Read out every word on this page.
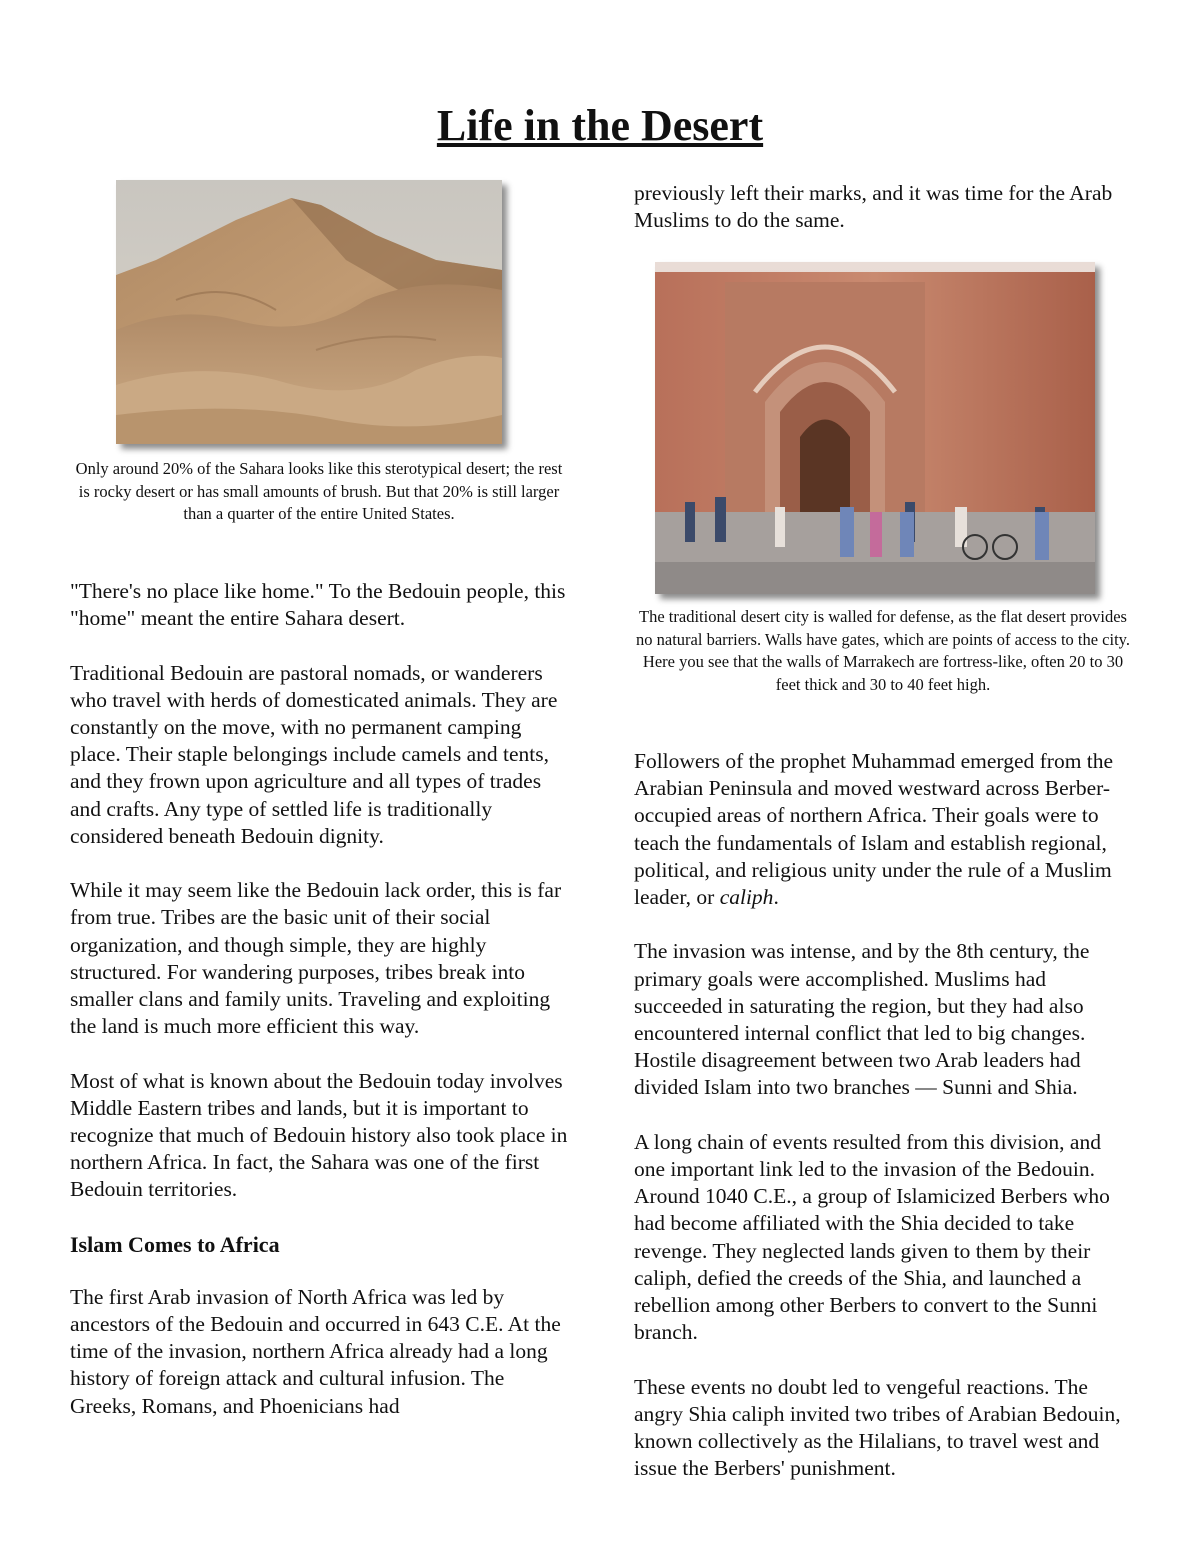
Life in the Desert

Only around 20% of the Sahara looks like this sterotypical desert; the rest is rocky desert or has small amounts of brush. But that 20% is still larger than a quarter of the entire United States.

"There's no place like home." To the Bedouin people, this "home" meant the entire Sahara desert.

Traditional Bedouin are pastoral nomads, or wanderers who travel with herds of domesticated animals. They are constantly on the move, with no permanent camping place. Their staple belongings include camels and tents, and they frown upon agriculture and all types of trades and crafts. Any type of settled life is traditionally considered beneath Bedouin dignity.

While it may seem like the Bedouin lack order, this is far from true. Tribes are the basic unit of their social organization, and though simple, they are highly structured. For wandering purposes, tribes break into smaller clans and family units. Traveling and exploiting the land is much more efficient this way.

Most of what is known about the Bedouin today involves Middle Eastern tribes and lands, but it is important to recognize that much of Bedouin history also took place in northern Africa. In fact, the Sahara was one of the first Bedouin territories.

Islam Comes to Africa

The first Arab invasion of North Africa was led by ancestors of the Bedouin and occurred in 643 C.E. At the time of the invasion, northern Africa already had a long history of foreign attack and cultural infusion. The Greeks, Romans, and Phoenicians had

previously left their marks, and it was time for the Arab Muslims to do the same.

The traditional desert city is walled for defense, as the flat desert provides no natural barriers. Walls have gates, which are points of access to the city. Here you see that the walls of Marrakech are fortress-like, often 20 to 30 feet thick and 30 to 40 feet high.

Followers of the prophet Muhammad emerged from the Arabian Peninsula and moved westward across Berber-occupied areas of northern Africa. Their goals were to teach the fundamentals of Islam and establish regional, political, and religious unity under the rule of a Muslim leader, or caliph.

The invasion was intense, and by the 8th century, the primary goals were accomplished. Muslims had succeeded in saturating the region, but they had also encountered internal conflict that led to big changes. Hostile disagreement between two Arab leaders had divided Islam into two branches — Sunni and Shia.

A long chain of events resulted from this division, and one important link led to the invasion of the Bedouin. Around 1040 C.E., a group of Islamicized Berbers who had become affiliated with the Shia decided to take revenge. They neglected lands given to them by their caliph, defied the creeds of the Shia, and launched a rebellion among other Berbers to convert to the Sunni branch.

These events no doubt led to vengeful reactions. The angry Shia caliph invited two tribes of Arabian Bedouin, known collectively as the Hilalians, to travel west and issue the Berbers' punishment.
